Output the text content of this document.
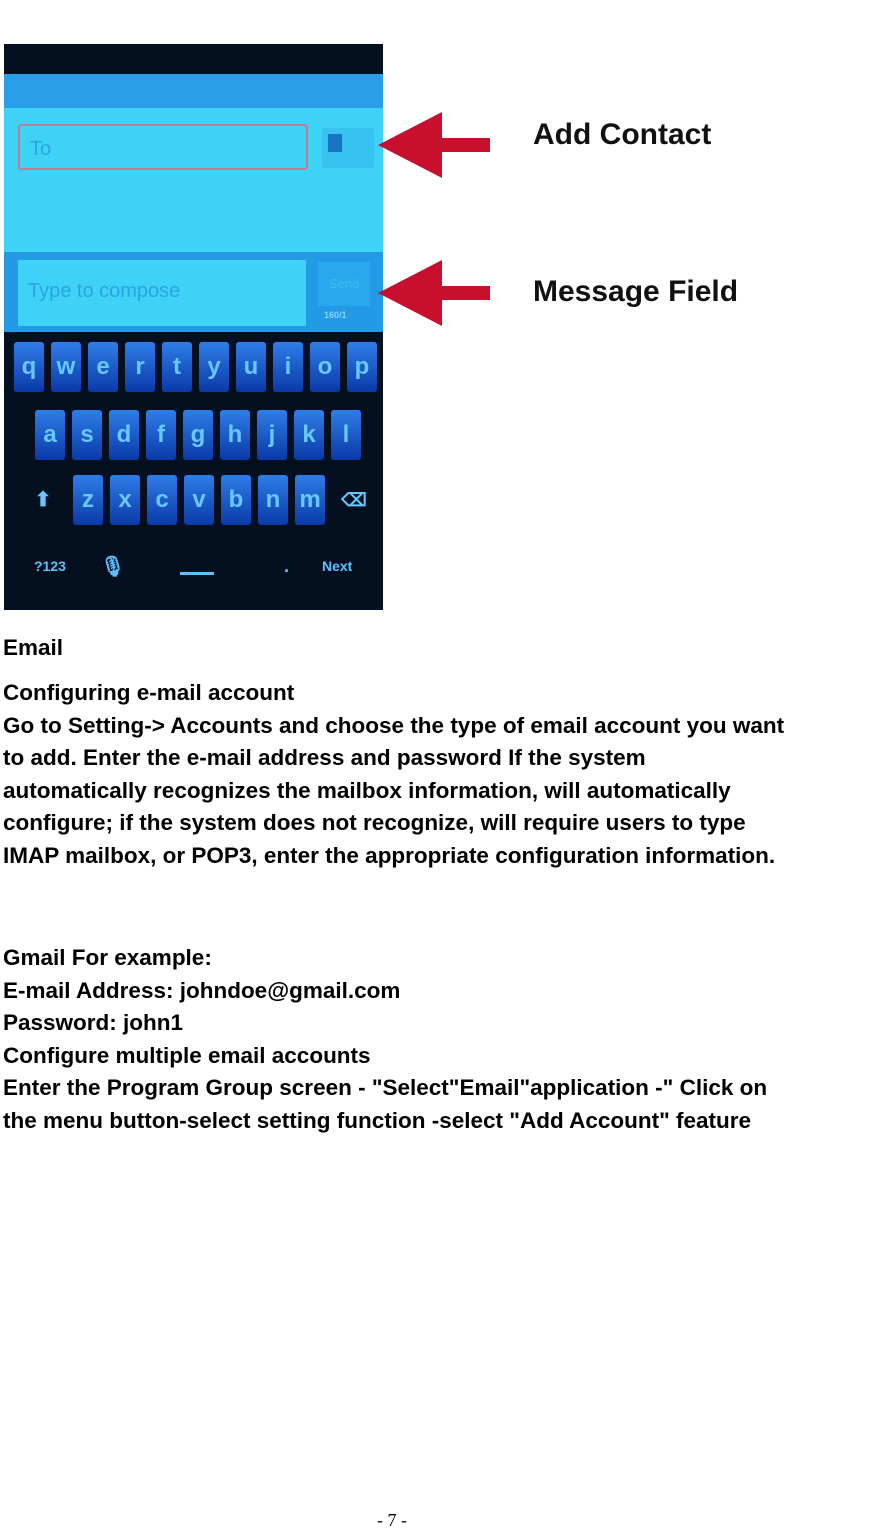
To
Type to compose	Send
160/1
q w e	r	t	y u	i	o p
a s d	f	g h	j	k	l
z	x c v b n m
⬆	⌫
?123 🎙	. Next
Add Contact
Message Field
Email
Configuring e-mail account
Go to Setting-> Accounts and choose the type of email account you want
to add. Enter the e-mail address and password If the system
automatically recognizes the mailbox information, will automatically
configure; if the system does not recognize, will require users to type
IMAP mailbox, or POP3, enter the appropriate configuration information.
Gmail For example:
E-mail Address: johndoe@gmail.com
Password: john1
Configure multiple email accounts
Enter the Program Group screen - "Select"Email"application -" Click on
the menu button-select setting function -select "Add Account" feature
- 7 -
